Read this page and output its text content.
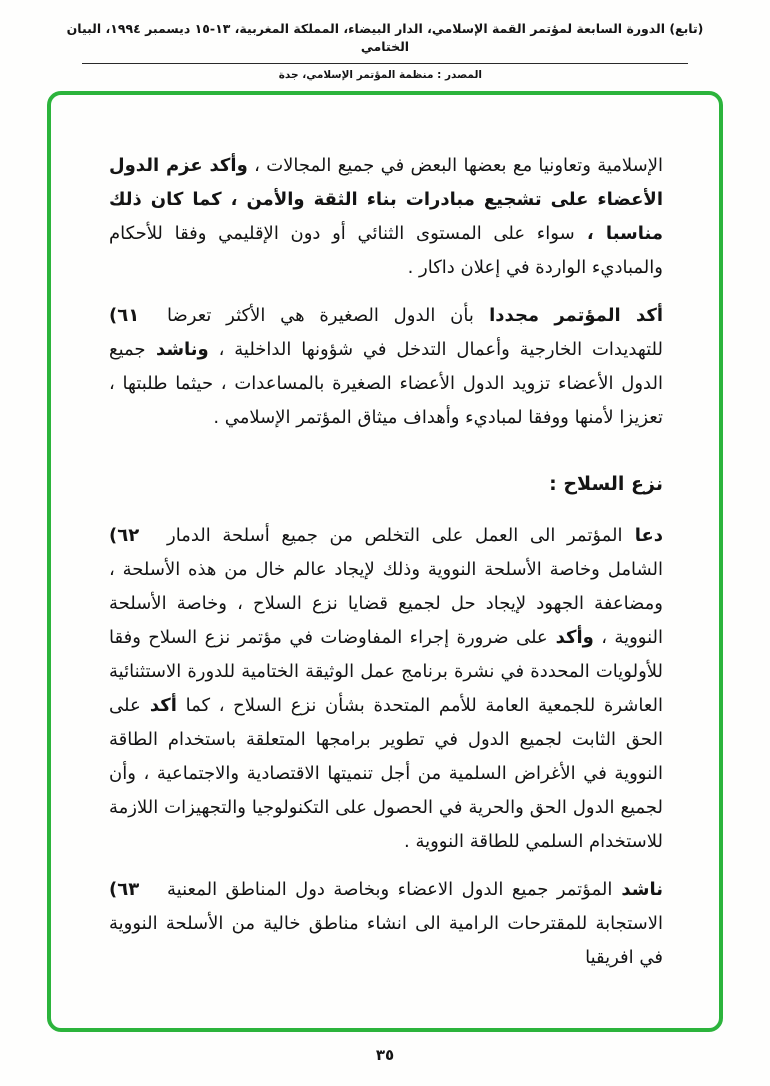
(تابع) الدورة السابعة لمؤتمر القمة الإسلامي، الدار البيضاء، المملكة المغربية، ١٣-١٥ ديسمبر ١٩٩٤، البيان الختامي
المصدر : منظمة المؤتمر الإسلامي، جدة

الإسلامية وتعاونيا مع بعضها البعض في جميع المجالات ، وأكد عزم الدول الأعضاء على تشجيع مبادرات بناء الثقة والأمن ، كما كان ذلك مناسبا ، سواء على المستوى الثنائي أو دون الإقليمي وفقا للأحكام والمباديء الواردة في إعلان داكار .

(٦١	أكد المؤتمر مجددا بأن الدول الصغيرة هي الأكثر تعرضا للتهديدات الخارجية وأعمال التدخل في شؤونها الداخلية ، وناشد جميع الدول الأعضاء تزويد الدول الأعضاء الصغيرة بالمساعدات ، حيثما طلبتها ، تعزيزا لأمنها ووفقا لمباديء وأهداف ميثاق المؤتمر الإسلامي .

نزع السلاح :

(٦٢	دعا المؤتمر الى العمل على التخلص من جميع أسلحة الدمار الشامل وخاصة الأسلحة النووية وذلك لإيجاد عالم خال من هذه الأسلحة ، ومضاعفة الجهود لإيجاد حل لجميع قضايا نزع السلاح ، وخاصة الأسلحة النووية ، وأكد على ضرورة إجراء المفاوضات في مؤتمر نزع السلاح وفقا للأولويات المحددة في نشرة برنامج عمل الوثيقة الختامية للدورة الاستثنائية العاشرة للجمعية العامة للأمم المتحدة بشأن نزع السلاح ، كما أكد على الحق الثابت لجميع الدول في تطوير برامجها المتعلقة باستخدام الطاقة النووية في الأغراض السلمية من أجل تنميتها الاقتصادية والاجتماعية ، وأن لجميع الدول الحق والحرية في الحصول على التكنولوجيا والتجهيزات اللازمة للاستخدام السلمي للطاقة النووية .

(٦٣	ناشد المؤتمر جميع الدول الاعضاء وبخاصة دول المناطق المعنية الاستجابة للمقترحات الرامية الى انشاء مناطق خالية من الأسلحة النووية في افريقيا

٣٥
